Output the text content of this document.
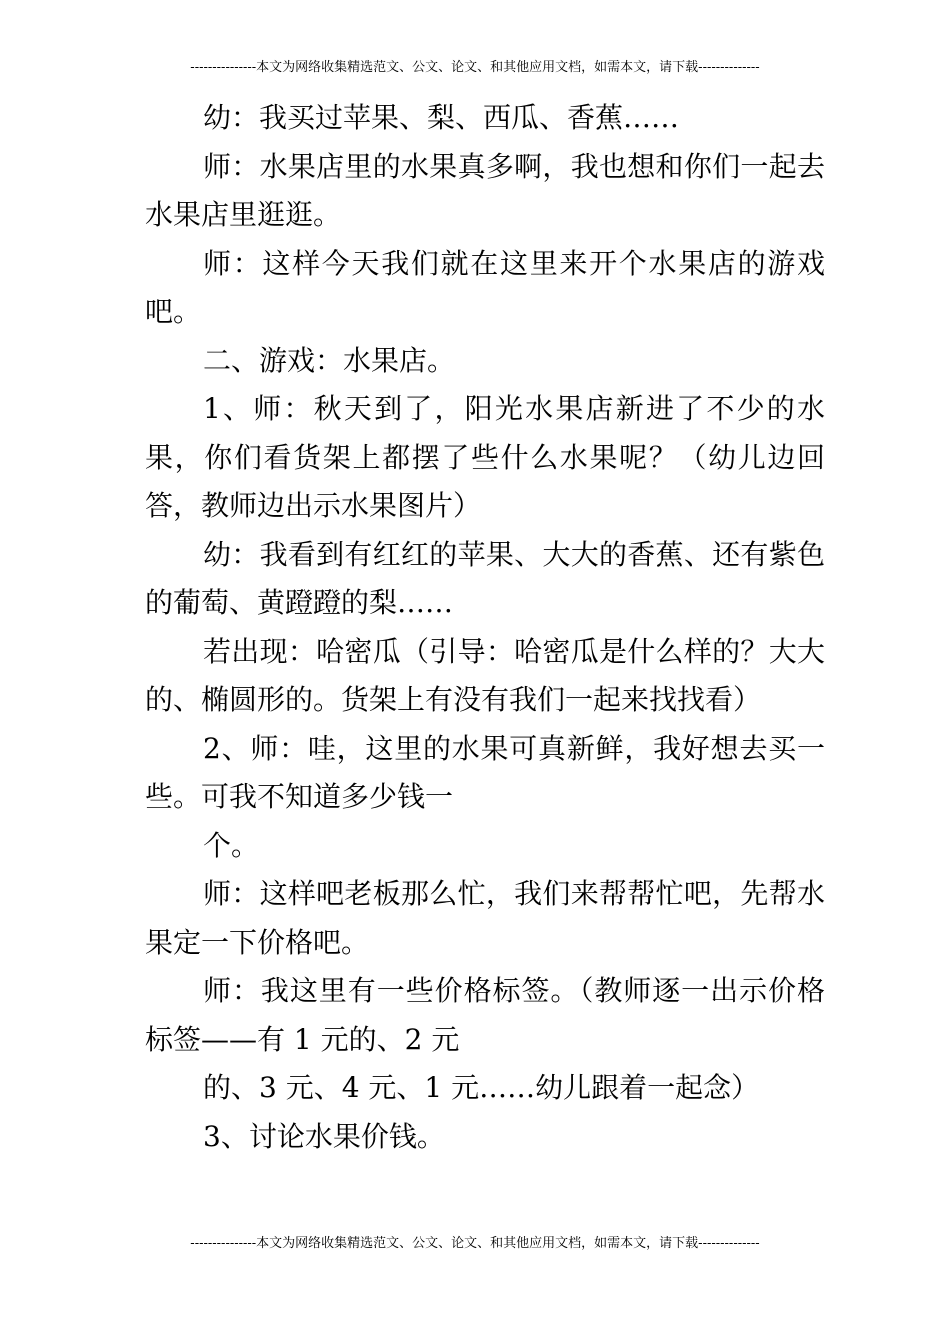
---------------本文为网络收集精选范文、公文、论文、和其他应用文档，如需本文，请下载--------------

幼：我买过苹果、梨、西瓜、香蕉……

师：水果店里的水果真多啊，我也想和你们一起去水果店里逛逛。

师：这样今天我们就在这里来开个水果店的游戏吧。

二、游戏：水果店。

1、师：秋天到了，阳光水果店新进了不少的水果，你们看货架上都摆了些什么水果呢？（幼儿边回答，教师边出示水果图片）

幼：我看到有红红的苹果、大大的香蕉、还有紫色的葡萄、黄蹬蹬的梨……

若出现：哈密瓜（引导：哈密瓜是什么样的？大大的、椭圆形的。货架上有没有我们一起来找找看）

2、师：哇，这里的水果可真新鲜，我好想去买一些。可我不知道多少钱一

个。

师：这样吧老板那么忙，我们来帮帮忙吧，先帮水果定一下价格吧。

师：我这里有一些价格标签。（教师逐一出示价格标签——有 1 元的、2 元

的、3 元、4 元、1 元……幼儿跟着一起念）

3、讨论水果价钱。

---------------本文为网络收集精选范文、公文、论文、和其他应用文档，如需本文，请下载--------------
